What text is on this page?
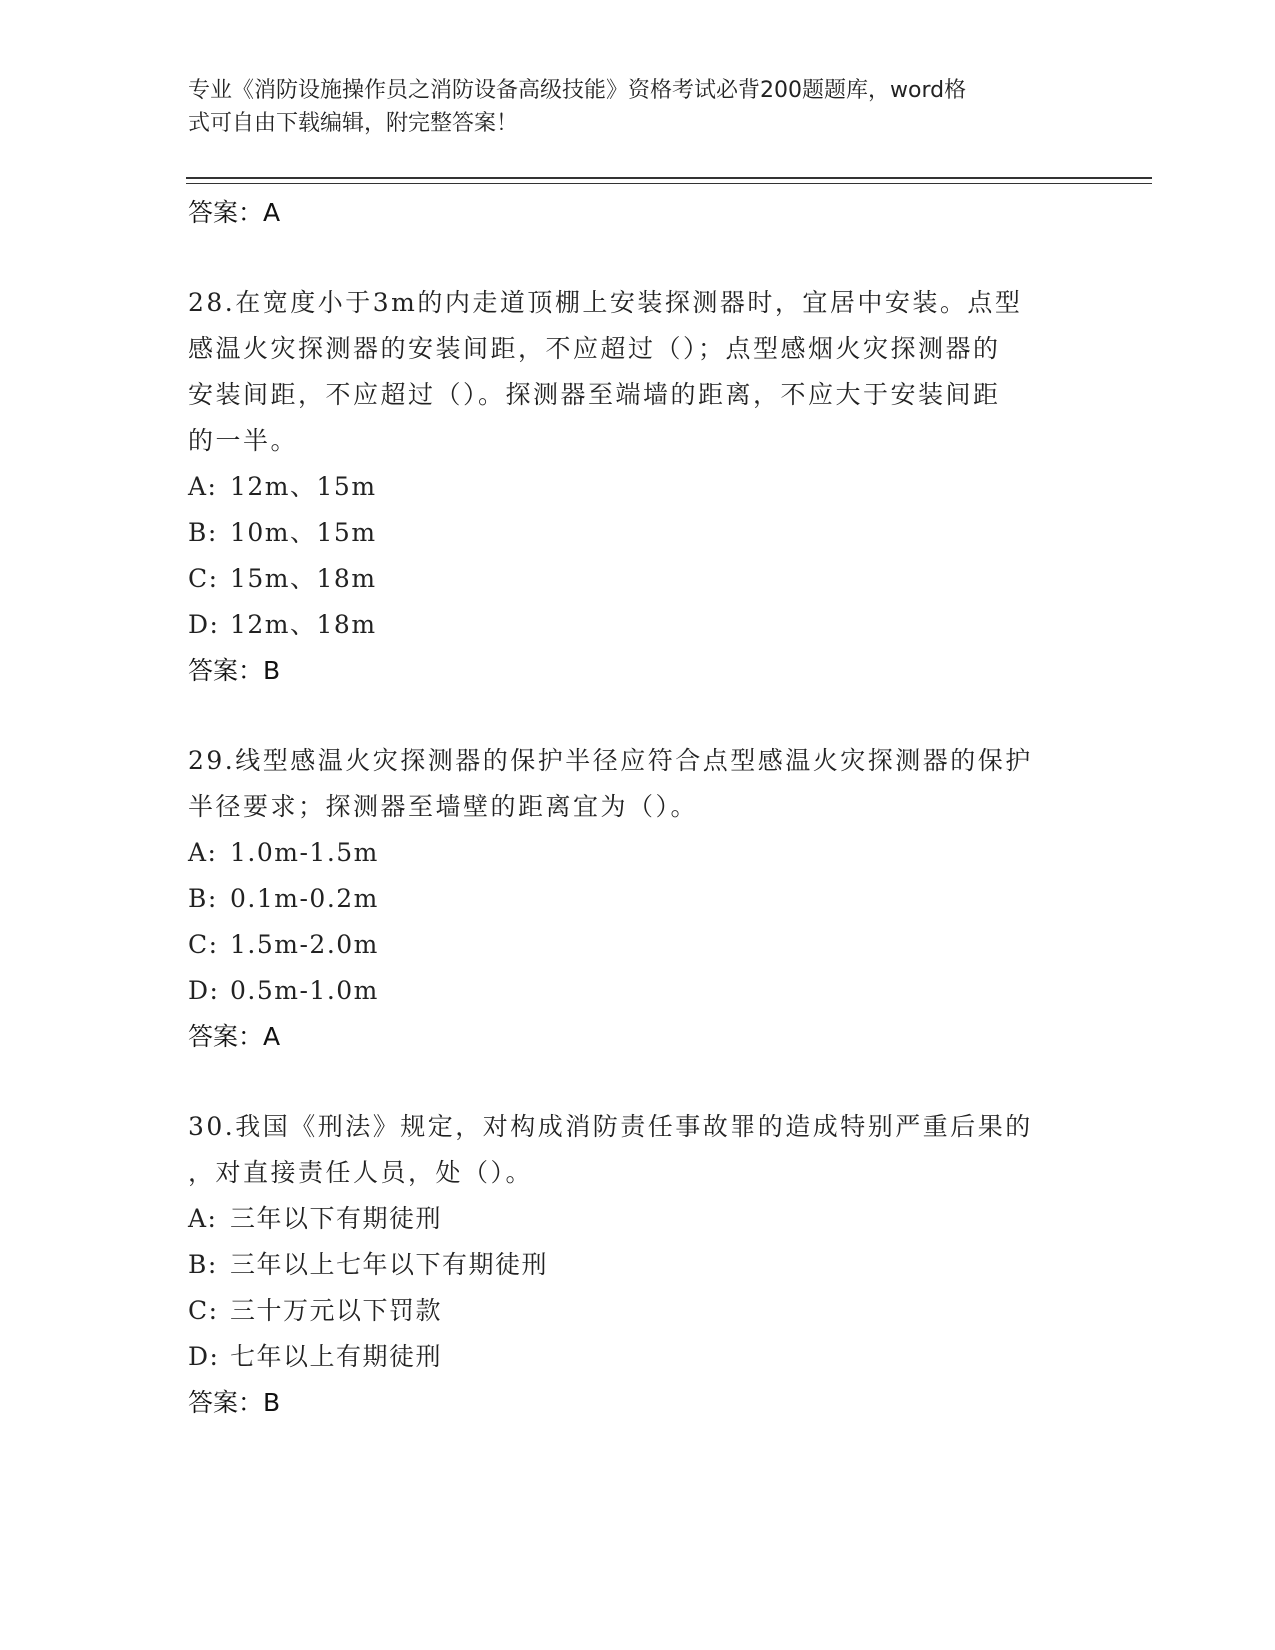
专业《消防设施操作员之消防设备高级技能》资格考试必背200题题库，word格
式可自由下载编辑，附完整答案！
答案：A
28.在宽度小于3m的内走道顶棚上安装探测器时，宜居中安装。点型
感温火灾探测器的安装间距，不应超过（）；点型感烟火灾探测器的
安装间距，不应超过（）。探测器至端墙的距离，不应大于安装间距
的一半。
A: 12m、15m
B: 10m、15m
C: 15m、18m
D: 12m、18m
答案：B
29.线型感温火灾探测器的保护半径应符合点型感温火灾探测器的保护
半径要求；探测器至墙壁的距离宜为（）。
A: 1.0m-1.5m
B: 0.1m-0.2m
C: 1.5m-2.0m
D: 0.5m-1.0m
答案：A
30.我国《刑法》规定，对构成消防责任事故罪的造成特别严重后果的
，对直接责任人员，处（）。
A: 三年以下有期徒刑
B: 三年以上七年以下有期徒刑
C: 三十万元以下罚款
D: 七年以上有期徒刑
答案：B
